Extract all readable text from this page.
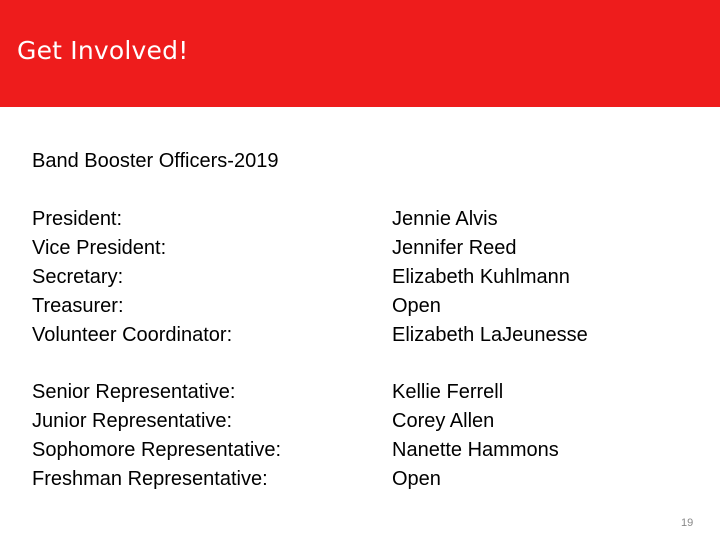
Get Involved!
Band Booster Officers-2019
President:
Vice President:
Secretary:
Treasurer:
Volunteer Coordinator:
Jennie Alvis
Jennifer Reed
Elizabeth Kuhlmann
Open
Elizabeth LaJeunesse
Senior Representative:
Junior Representative:
Sophomore Representative:
Freshman Representative:
Kellie Ferrell
Corey Allen
Nanette Hammons
Open
19
